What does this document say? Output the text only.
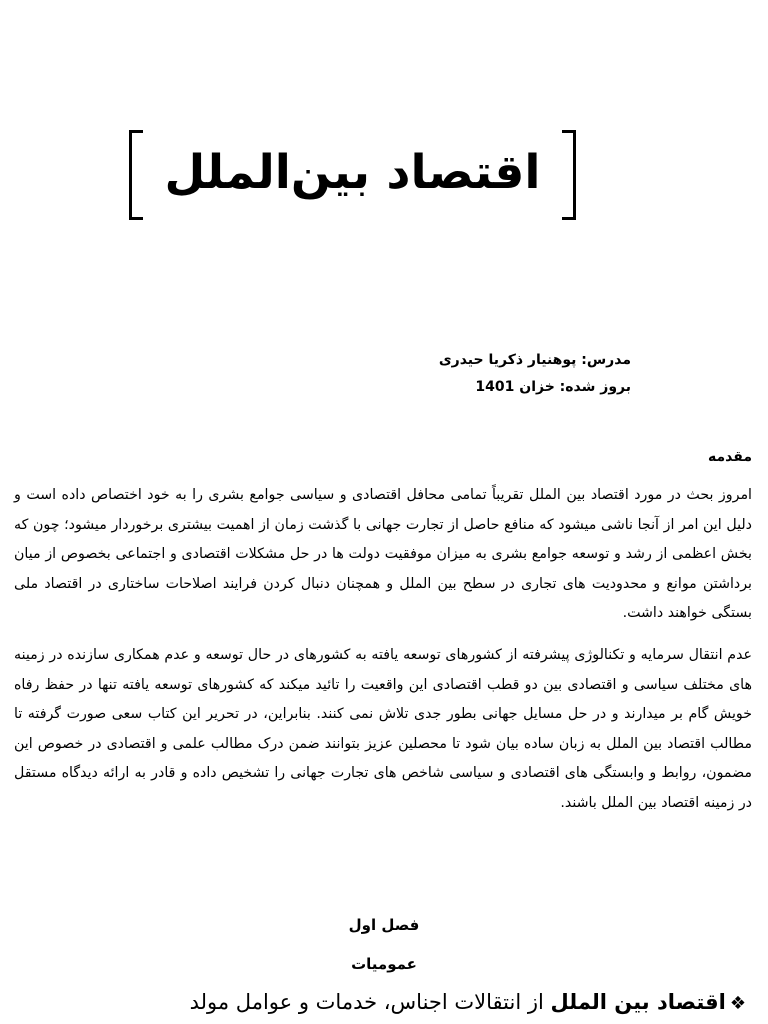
اقتصاد بین‌الملل
مدرس: پوهنیار ذکریا حیدری
بروز شده: خزان 1401
مقدمه
امروز بحث در مورد اقتصاد بین الملل تقریباً تمامی محافل اقتصادی و سیاسی جوامع بشری را به خود اختصاص داده است و دلیل این امر از آنجا ناشی میشود که منافع حاصل از تجارت جهانی با گذشت زمان از اهمیت بیشتری برخوردار میشود؛ چون که بخش اعظمی از رشد و توسعه جوامع بشری به میزان موفقیت دولت ها در حل مشکلات اقتصادی و اجتماعی بخصوص از میان برداشتن موانع و محدودیت های تجاری در سطح بین الملل و همچنان دنبال کردن فرایند اصلاحات ساختاری در اقتصاد ملی بستگی خواهند داشت.
عدم انتقال سرمایه و تکنالوژی پیشرفته از کشورهای توسعه یافته به کشورهای در حال توسعه و عدم همکاری سازنده در زمینه های مختلف سیاسی و اقتصادی بین دو قطب اقتصادی این واقعیت را تائید میکند که کشورهای توسعه یافته تنها در حفظ رفاه خویش گام بر میدارند و در حل مسایل جهانی بطور جدی تلاش نمی کنند. بنابراین، در تحریر این کتاب سعی صورت گرفته تا مطالب اقتصاد بین الملل به زبان ساده بیان شود تا محصلین عزیز بتوانند ضمن درک مطالب علمی و اقتصادی در خصوص این مضمون، روابط و وابستگی های اقتصادی و سیاسی شاخص های تجارت جهانی را تشخیص داده و قادر به ارائه دیدگاه مستقل در زمینه اقتصاد بین الملل باشند.
فصل اول
عمومیات
❖اقتصاد بین الملل از انتقالات اجناس، خدمات و عوامل مولد
